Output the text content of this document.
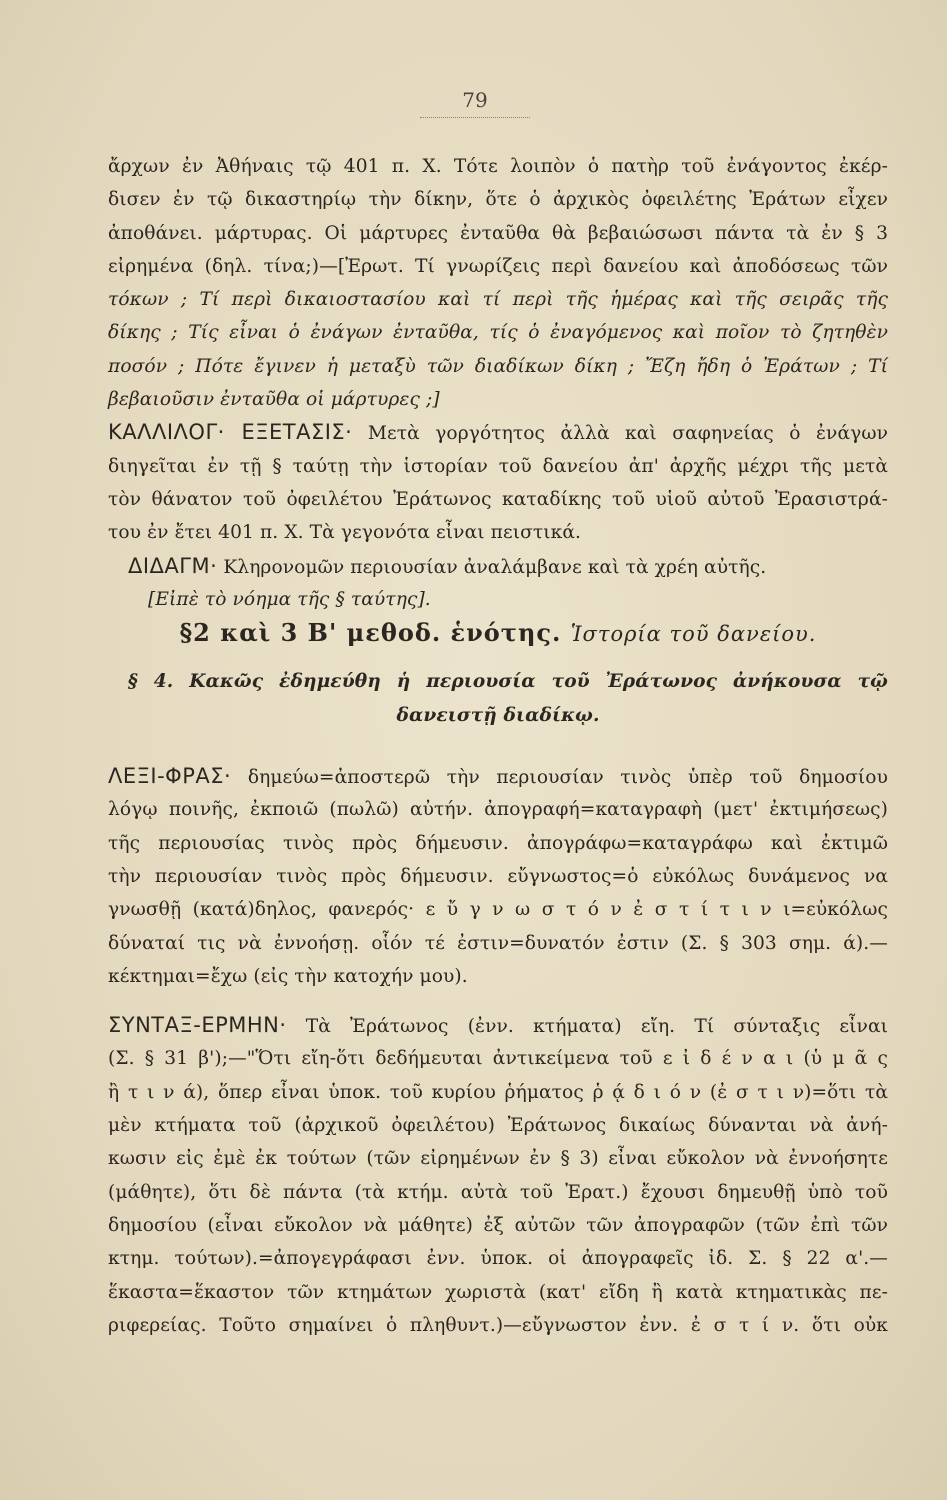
79
ἄρχων ἐν Ἀθήναις τῷ 401 π. Χ. Τότε λοιπὸν ὁ πατὴρ τοῦ ἐνάγοντος ἐκέρ-
δισεν ἐν τῷ δικαστηρίῳ τὴν δίκην, ὅτε ὁ ἀρχικὸς ὀφειλέτης Ἐράτων εἶχεν
ἀποθάνει. μάρτυρας. Οἱ μάρτυρες ἐνταῦθα θὰ βεβαιώσωσι πάντα τὰ ἐν § 3
εἰρημένα (δηλ. τίνα;)—[Ἐρωτ. Τί γνωρίζεις περὶ δανείου καὶ ἀποδόσεως τῶν
τόκων ; Τί περὶ δικαιοστασίου καὶ τί περὶ τῆς ἡμέρας καὶ τῆς σειρᾶς τῆς
δίκης ; Τίς εἶναι ὁ ἐνάγων ἐνταῦθα, τίς ὁ ἐναγόμενος καὶ ποῖον τὸ ζητηθὲν
ποσόν ; Πότε ἔγινεν ἡ μεταξὺ τῶν διαδίκων δίκη ; Ἔζη ἤδη ὁ Ἐράτων ; Τί
βεβαιοῦσιν ἐνταῦθα οἱ μάρτυρες ;]
ΚΑΛΛΙΛΟΓ· ΕΞΕΤΑΣΙΣ· Μετὰ γοργότητος ἀλλὰ καὶ σαφηνείας ὁ ἐνάγων
διηγεῖται ἐν τῇ § ταύτῃ τὴν ἱστορίαν τοῦ δανείου ἀπ' ἀρχῆς μέχρι τῆς μετὰ
τὸν θάνατον τοῦ ὀφειλέτου Ἐράτωνος καταδίκης τοῦ υἱοῦ αὐτοῦ Ἐρασιστρά-
του ἐν ἔτει 401 π. Χ. Τὰ γεγονότα εἶναι πειστικά.
ΔΙΔΑΓΜ· Κληρονομῶν περιουσίαν ἀναλάμβανε καὶ τὰ χρέη αὐτῆς.
[Εἰπὲ τὸ νόημα τῆς § ταύτης].
§2 καὶ 3 Β' μεθοδ. ἑνότης. Ἱστορία τοῦ δανείου.
§ 4. Κακῶς ἐδημεύθη ἡ περιουσία τοῦ Ἐράτωνος ἀνήκουσα τῷ
δανειστῇ διαδίκῳ.
ΛΕΞΙ-ΦΡΑΣ· δημεύω=ἀποστερῶ τὴν περιουσίαν τινὸς ὑπὲρ τοῦ δημοσίου
λόγῳ ποινῆς, ἐκποιῶ (πωλῶ) αὐτήν. ἀπογραφή=καταγραφὴ (μετ' ἐκτιμήσεως)
τῆς περιουσίας τινὸς πρὸς δήμευσιν. ἀπογράφω=καταγράφω καὶ ἐκτιμῶ
τὴν περιουσίαν τινὸς πρὸς δήμευσιν. εὔγνωστος=ὁ εὐκόλως δυνάμενος να
γνωσθῇ (κατά)δηλος, φανερός· ε ὔ γ ν ω σ τ ό ν ἐ σ τ ί τ ι ν ι=εὐκόλως
δύναταί τις νὰ ἐννοήσῃ. οἷόν τέ ἐστιν=δυνατόν ἐστιν (Σ. § 303 σημ. ά).—
κέκτημαι=ἔχω (εἰς τὴν κατοχήν μου).
ΣΥΝΤΑΞ-ΕΡΜΗΝ· Τὰ Ἐράτωνος (ἐνν. κτήματα) εἴη. Τί σύνταξις εἶναι
(Σ. § 31 β');—"Ὅτι εἴη-ὅτι δεδήμευται ἀντικείμενα τοῦ ε ἰ δ έ ν α ι (ὑ μ ᾶ ς
ἢ τ ι ν ά), ὅπερ εἶναι ὑποκ. τοῦ κυρίου ῥήματος ῥ ᾴ δ ι ό ν (ἐ σ τ ι ν)=ὅτι τὰ
μὲν κτήματα τοῦ (ἀρχικοῦ ὀφειλέτου) Ἐράτωνος δικαίως δύνανται νὰ ἀνή-
κωσιν εἰς ἐμὲ ἐκ τούτων (τῶν εἰρημένων ἐν § 3) εἶναι εὔκολον νὰ ἐννοήσητε
(μάθητε), ὅτι δὲ πάντα (τὰ κτήμ. αὐτὰ τοῦ Ἐρατ.) ἔχουσι δημευθῇ ὑπὸ τοῦ
δημοσίου (εἶναι εὔκολον νὰ μάθητε) ἐξ αὐτῶν τῶν ἀπογραφῶν (τῶν ἐπὶ τῶν
κτημ. τούτων).=ἀπογεγράφασι ἐνν. ὑποκ. οἱ ἀπογραφεῖς ἰδ. Σ. § 22 α'.—
ἕκαστα=ἕκαστον τῶν κτημάτων χωριστὰ (κατ' εἴδη ἢ κατὰ κτηματικὰς πε-
ριφερείας. Τοῦτο σημαίνει ὁ πληθυντ.)—εὔγνωστον ἐνν. ἐ σ τ ί ν. ὅτι οὐκ
